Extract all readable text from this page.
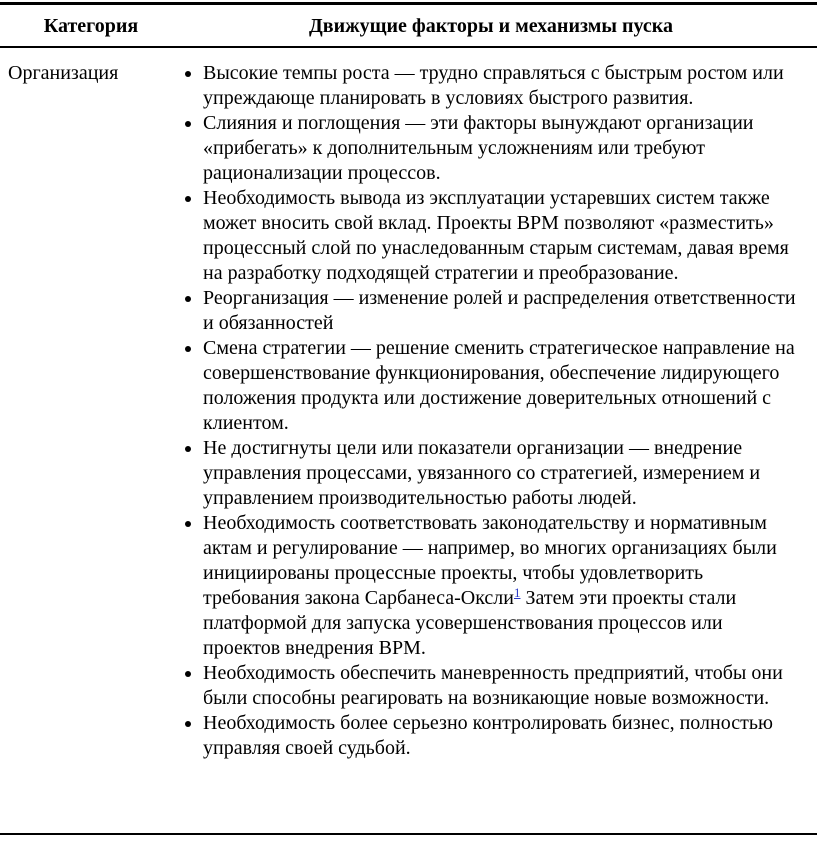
Категория	Движущие факторы и механизмы пуска
Организация	• Высокие темпы роста — трудно справляться с быстрым ростом или упреждающе планировать в условиях быстрого развития.
• Слияния и поглощения — эти факторы вынуждают организации «прибегать» к дополнительным усложнениям или требуют рационализации процессов.
• Необходимость вывода из эксплуатации устаревших систем также может вносить свой вклад. Проекты BPM позволяют «разместить» процессный слой по унаследованным старым системам, давая время на разработку подходящей стратегии и преобразование.
• Реорганизация — изменение ролей и распределения ответственности и обязанностей
• Смена стратегии — решение сменить стратегическое направление на совершенствование функционирования, обеспечение лидирующего положения продукта или достижение доверительных отношений с клиентом.
• Не достигнуты цели или показатели организации — внедрение управления процессами, увязанного со стратегией, измерением и управлением производительностью работы людей.
• Необходимость соответствовать законодательству и нормативным актам и регулирование — например, во многих организациях были инициированы процессные проекты, чтобы удовлетворить требования закона Сарбанеса-Оксли$^1$ Затем эти проекты стали платформой для запуска усовершенствования процессов или проектов внедрения BPM.
• Необходимость обеспечить маневренность предприятий, чтобы они были способны реагировать на возникающие новые возможности.
• Необходимость более серьезно контролировать бизнес, полностью управляя своей судьбой.
